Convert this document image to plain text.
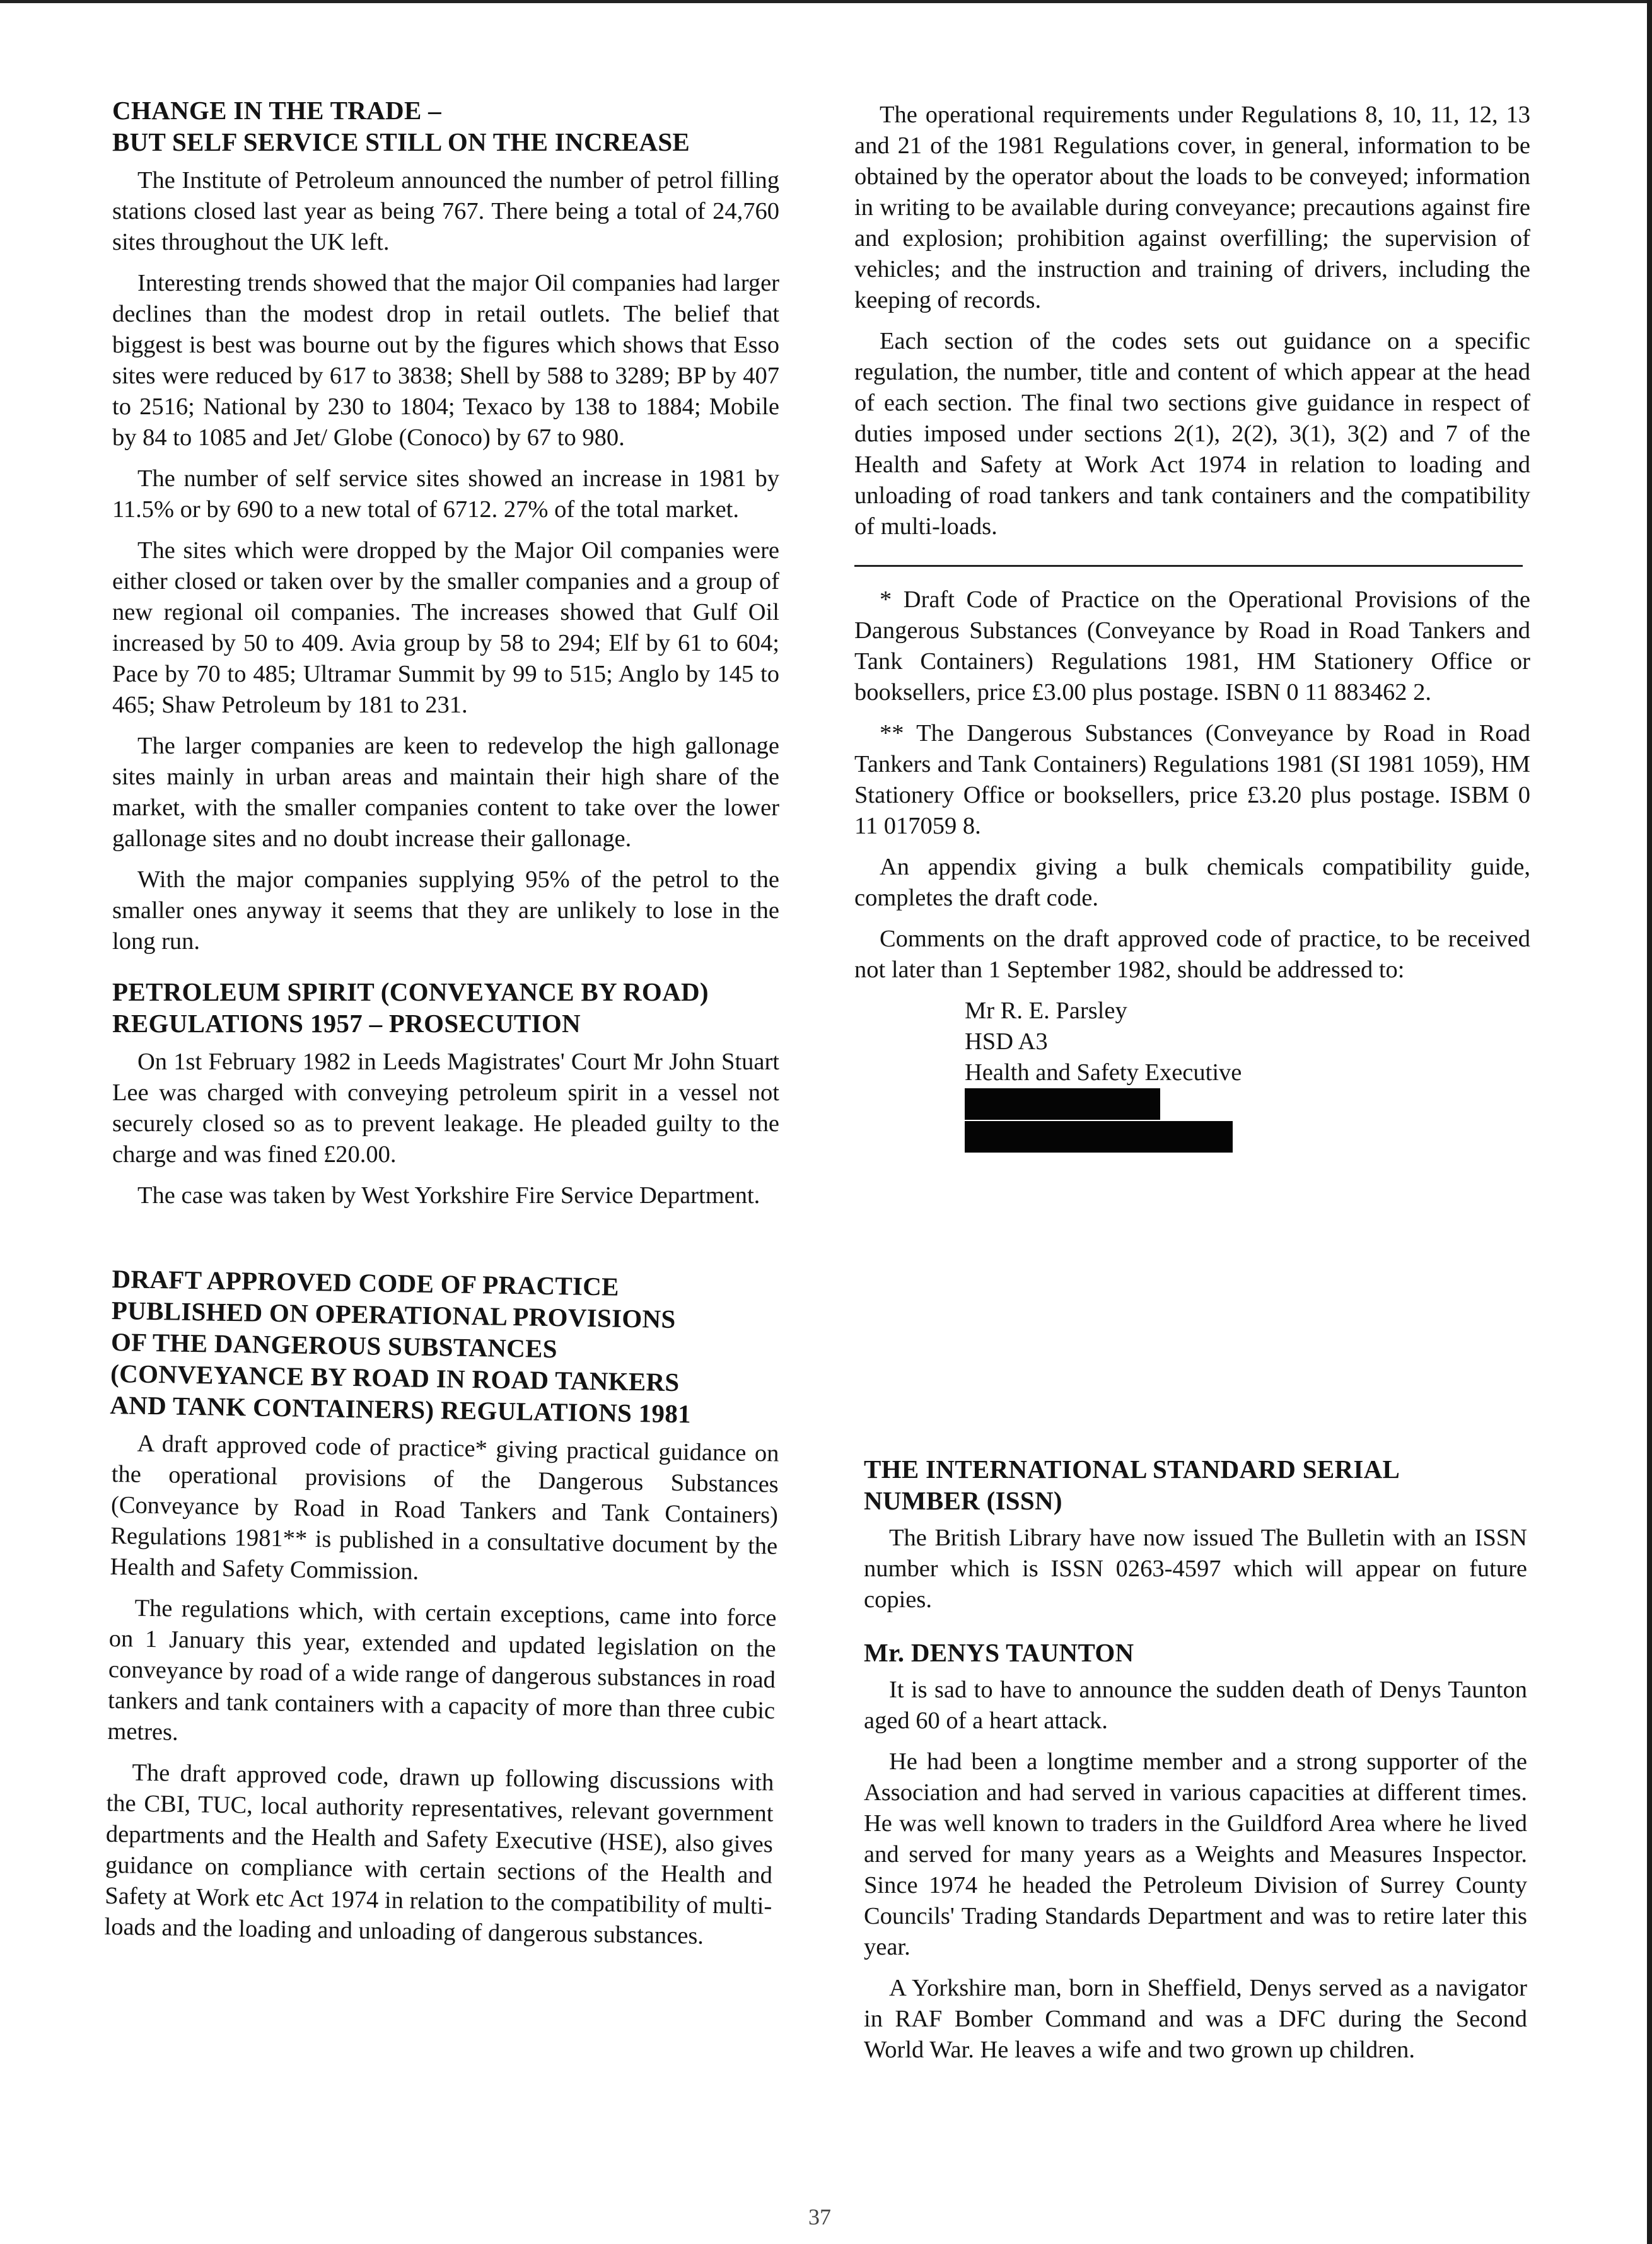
CHANGE IN THE TRADE –
BUT SELF SERVICE STILL ON THE INCREASE

The Institute of Petroleum announced the number of petrol filling stations closed last year as being 767. There being a total of 24,760 sites throughout the UK left.

Interesting trends showed that the major Oil companies had larger declines than the modest drop in retail outlets. The belief that biggest is best was bourne out by the figures which shows that Esso sites were reduced by 617 to 3838; Shell by 588 to 3289; BP by 407 to 2516; National by 230 to 1804; Texaco by 138 to 1884; Mobile by 84 to 1085 and Jet/ Globe (Conoco) by 67 to 980.

The number of self service sites showed an increase in 1981 by 11.5% or by 690 to a new total of 6712. 27% of the total market.

The sites which were dropped by the Major Oil companies were either closed or taken over by the smaller companies and a group of new regional oil companies. The increases showed that Gulf Oil increased by 50 to 409. Avia group by 58 to 294; Elf by 61 to 604; Pace by 70 to 485; Ultramar Summit by 99 to 515; Anglo by 145 to 465; Shaw Petroleum by 181 to 231.

The larger companies are keen to redevelop the high gallonage sites mainly in urban areas and maintain their high share of the market, with the smaller companies content to take over the lower gallonage sites and no doubt increase their gallonage.

With the major companies supplying 95% of the petrol to the smaller ones anyway it seems that they are unlikely to lose in the long run.

PETROLEUM SPIRIT (CONVEYANCE BY ROAD)
REGULATIONS 1957 – PROSECUTION

On 1st February 1982 in Leeds Magistrates' Court Mr John Stuart Lee was charged with conveying petroleum spirit in a vessel not securely closed so as to prevent leakage. He pleaded guilty to the charge and was fined £20.00.

The case was taken by West Yorkshire Fire Service Department.

DRAFT APPROVED CODE OF PRACTICE
PUBLISHED ON OPERATIONAL PROVISIONS
OF THE DANGEROUS SUBSTANCES
(CONVEYANCE BY ROAD IN ROAD TANKERS
AND TANK CONTAINERS) REGULATIONS 1981

A draft approved code of practice* giving practical guidance on the operational provisions of the Dangerous Substances (Conveyance by Road in Road Tankers and Tank Containers) Regulations 1981** is published in a consultative document by the Health and Safety Commission.

The regulations which, with certain exceptions, came into force on 1 January this year, extended and updated legislation on the conveyance by road of a wide range of dangerous substances in road tankers and tank containers with a capacity of more than three cubic metres.

The draft approved code, drawn up following discussions with the CBI, TUC, local authority representatives, relevant government departments and the Health and Safety Executive (HSE), also gives guidance on compliance with certain sections of the Health and Safety at Work etc Act 1974 in relation to the compatibility of multi-loads and the loading and unloading of dangerous substances.

The operational requirements under Regulations 8, 10, 11, 12, 13 and 21 of the 1981 Regulations cover, in general, information to be obtained by the operator about the loads to be conveyed; information in writing to be available during conveyance; precautions against fire and explosion; prohibition against overfilling; the supervision of vehicles; and the instruction and training of drivers, including the keeping of records.

Each section of the codes sets out guidance on a specific regulation, the number, title and content of which appear at the head of each section. The final two sections give guidance in respect of duties imposed under sections 2(1), 2(2), 3(1), 3(2) and 7 of the Health and Safety at Work Act 1974 in relation to loading and unloading of road tankers and tank containers and the compatibility of multi-loads.

* Draft Code of Practice on the Operational Provisions of the Dangerous Substances (Conveyance by Road in Road Tankers and Tank Containers) Regulations 1981, HM Stationery Office or booksellers, price £3.00 plus postage. ISBN 0 11 883462 2.

** The Dangerous Substances (Conveyance by Road in Road Tankers and Tank Containers) Regulations 1981 (SI 1981 1059), HM Stationery Office or booksellers, price £3.20 plus postage. ISBM 0 11 017059 8.

An appendix giving a bulk chemicals compatibility guide, completes the draft code.

Comments on the draft approved code of practice, to be received not later than 1 September 1982, should be addressed to:

Mr R. E. Parsley
HSD A3
Health and Safety Executive
THE INTERNATIONAL STANDARD SERIAL
NUMBER (ISSN)

The British Library have now issued The Bulletin with an ISSN number which is ISSN 0263-4597 which will appear on future copies.

Mr. DENYS TAUNTON

It is sad to have to announce the sudden death of Denys Taunton aged 60 of a heart attack.

He had been a longtime member and a strong supporter of the Association and had served in various capacities at different times. He was well known to traders in the Guildford Area where he lived and served for many years as a Weights and Measures Inspector. Since 1974 he headed the Petroleum Division of Surrey County Councils' Trading Standards Department and was to retire later this year.

A Yorkshire man, born in Sheffield, Denys served as a navigator in RAF Bomber Command and was a DFC during the Second World War. He leaves a wife and two grown up children.

37
